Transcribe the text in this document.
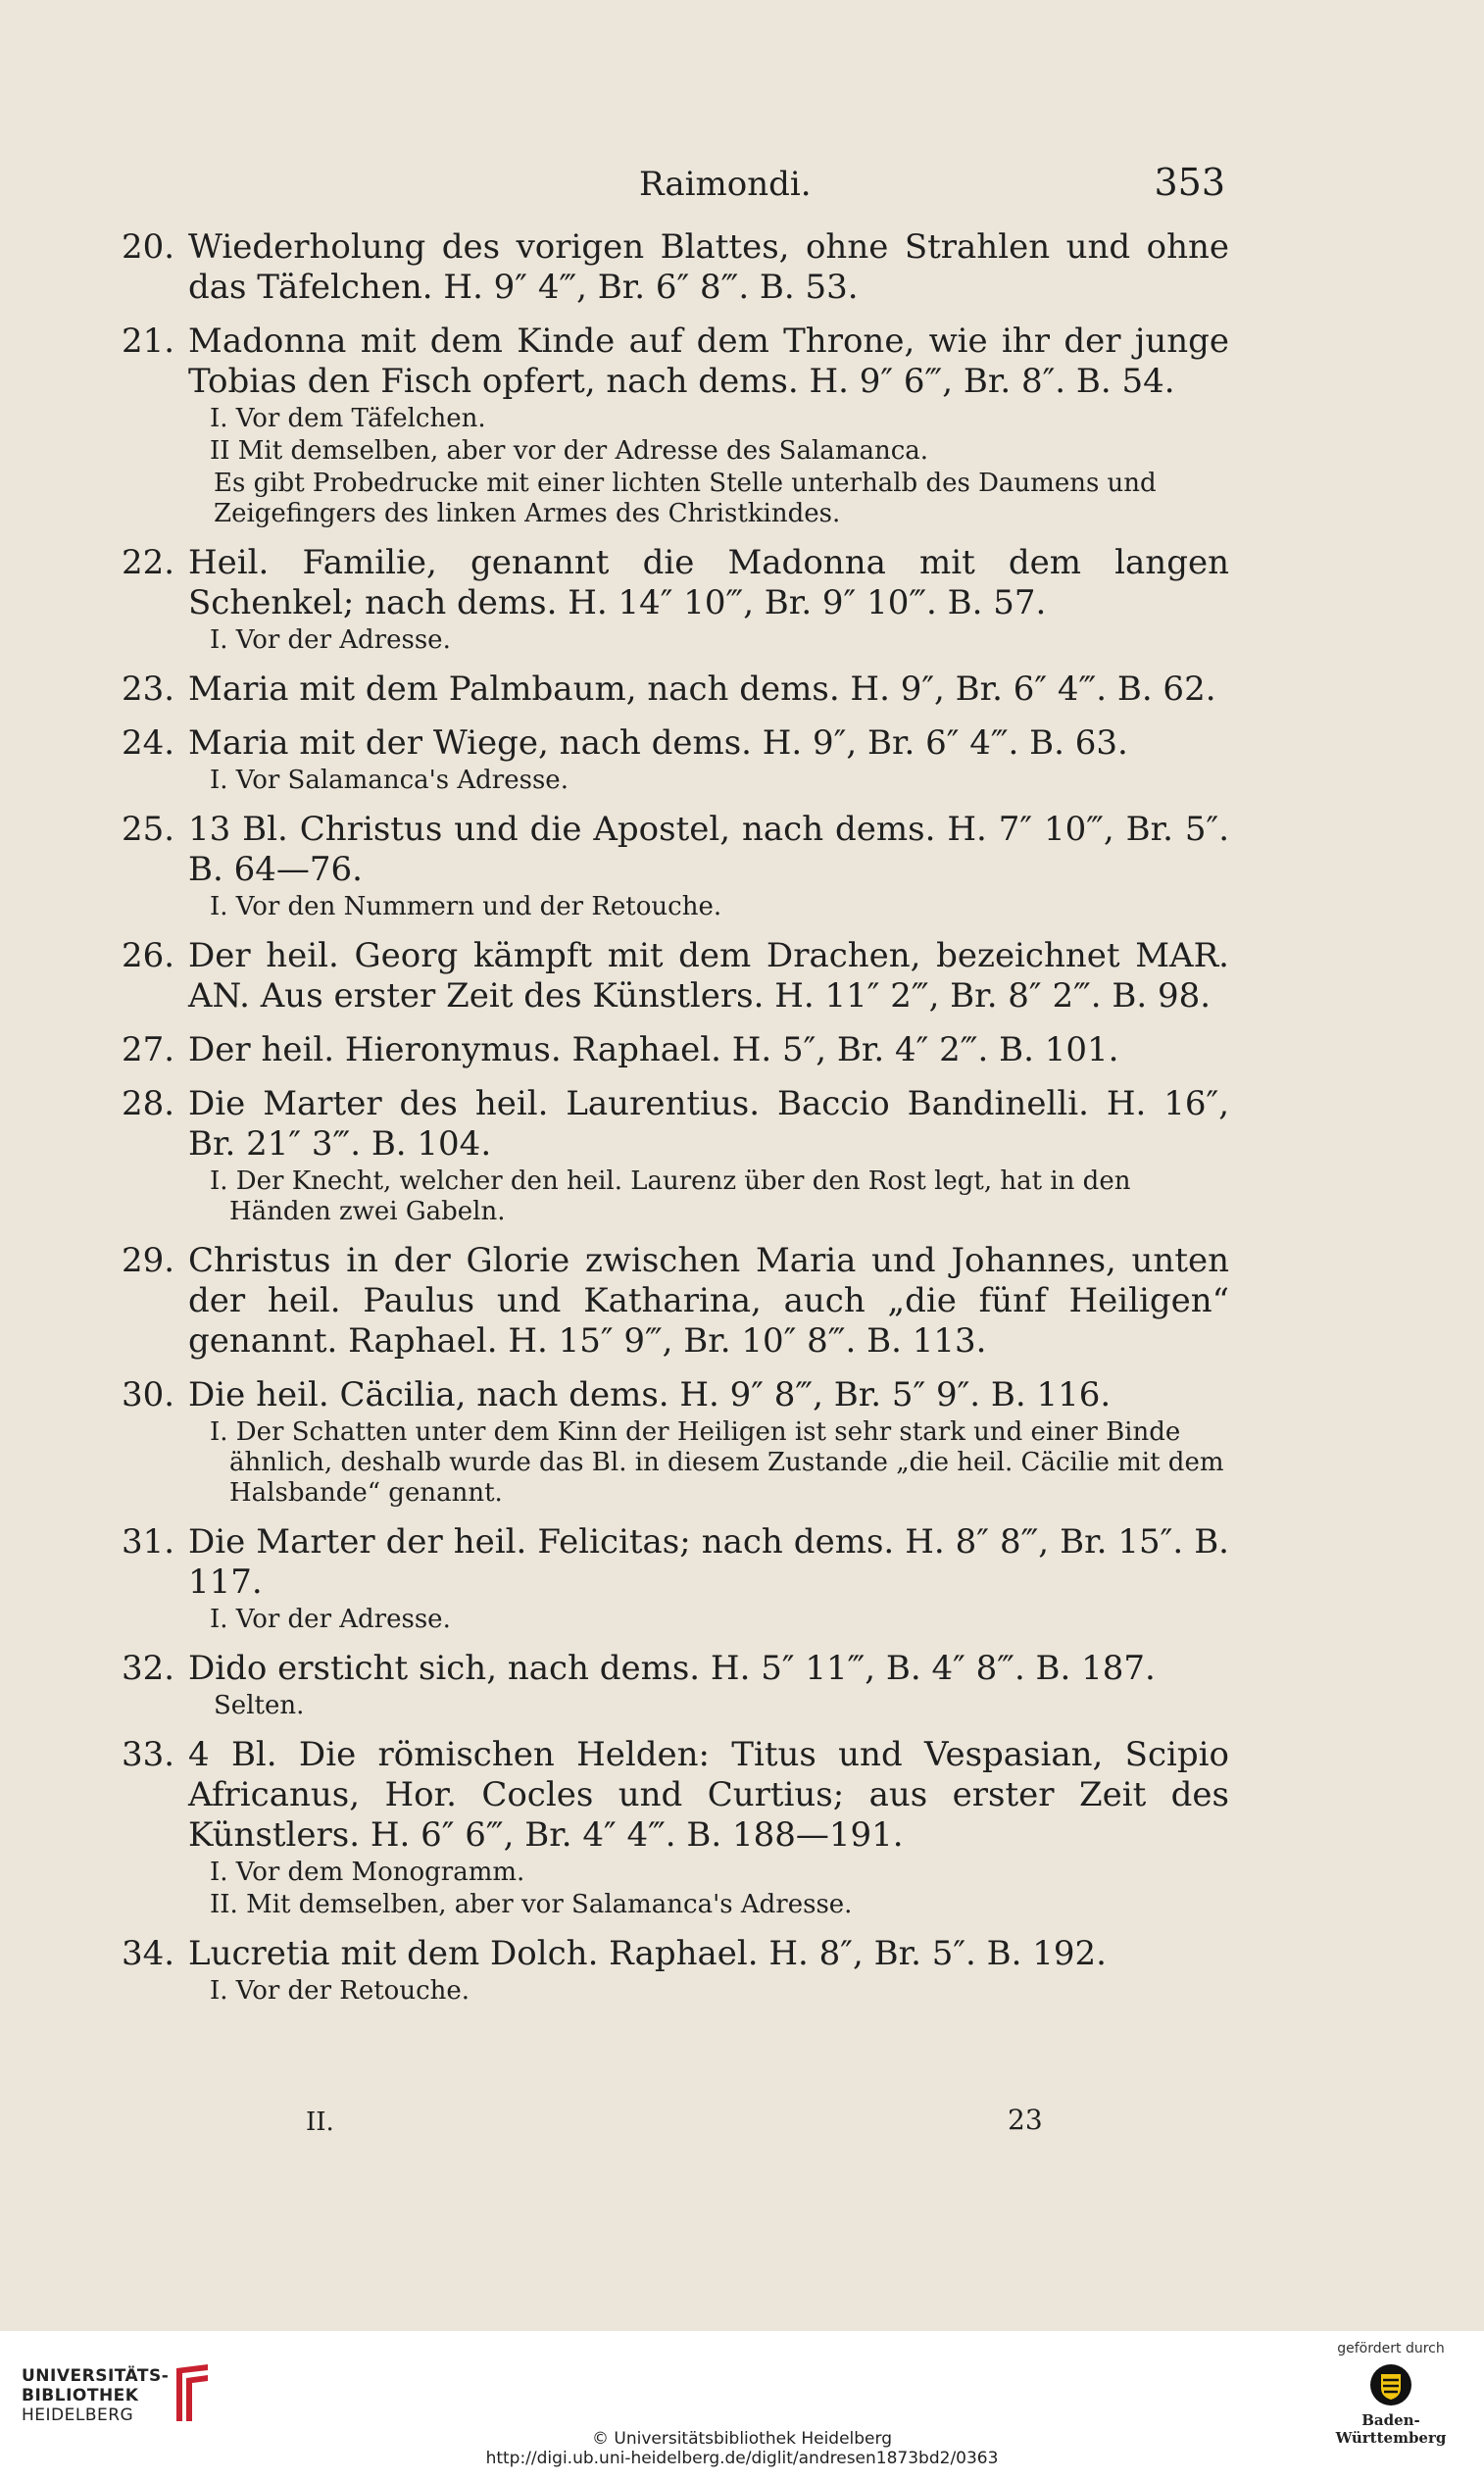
Raimondi.	353
20. Wiederholung des vorigen Blattes, ohne Strahlen und ohne das Täfelchen. H. 9″ 4‴, Br. 6″ 8‴. B. 53.
21. Madonna mit dem Kinde auf dem Throne, wie ihr der junge Tobias den Fisch opfert, nach dems. H. 9″ 6‴, Br. 8″. B. 54.
I. Vor dem Täfelchen.
II Mit demselben, aber vor der Adresse des Salamanca.
Es gibt Probedrucke mit einer lichten Stelle unterhalb des Daumens und Zeigefingers des linken Armes des Christkindes.
22. Heil. Familie, genannt die Madonna mit dem langen Schenkel; nach dems. H. 14″ 10‴, Br. 9″ 10‴. B. 57.
I. Vor der Adresse.
23. Maria mit dem Palmbaum, nach dems. H. 9″, Br. 6″ 4‴. B. 62.
24. Maria mit der Wiege, nach dems. H. 9″, Br. 6″ 4‴. B. 63.
I. Vor Salamanca's Adresse.
25. 13 Bl. Christus und die Apostel, nach dems. H. 7″ 10‴, Br. 5″. B. 64—76.
I. Vor den Nummern und der Retouche.
26. Der heil. Georg kämpft mit dem Drachen, bezeichnet MAR. AN. Aus erster Zeit des Künstlers. H. 11″ 2‴, Br. 8″ 2‴. B. 98.
27. Der heil. Hieronymus. Raphael. H. 5″, Br. 4″ 2‴. B. 101.
28. Die Marter des heil. Laurentius. Baccio Bandinelli. H. 16″, Br. 21″ 3‴. B. 104.
I. Der Knecht, welcher den heil. Laurenz über den Rost legt, hat in den Händen zwei Gabeln.
29. Christus in der Glorie zwischen Maria und Johannes, unten der heil. Paulus und Katharina, auch „die fünf Heiligen“ genannt. Raphael. H. 15″ 9‴, Br. 10″ 8‴. B. 113.
30. Die heil. Cäcilia, nach dems. H. 9″ 8‴, Br. 5″ 9″. B. 116.
I. Der Schatten unter dem Kinn der Heiligen ist sehr stark und einer Binde ähnlich, deshalb wurde das Bl. in diesem Zustande „die heil. Cäcilie mit dem Halsbande“ genannt.
31. Die Marter der heil. Felicitas; nach dems. H. 8″ 8‴, Br. 15″. B. 117.
I. Vor der Adresse.
32. Dido ersticht sich, nach dems. H. 5″ 11‴, B. 4″ 8‴. B. 187.
Selten.
33. 4 Bl. Die römischen Helden: Titus und Vespasian, Scipio Africanus, Hor. Cocles und Curtius; aus erster Zeit des Künstlers. H. 6″ 6‴, Br. 4″ 4‴. B. 188—191.
I. Vor dem Monogramm.
II. Mit demselben, aber vor Salamanca's Adresse.
34. Lucretia mit dem Dolch. Raphael. H. 8″, Br. 5″. B. 192.
I. Vor der Retouche.
II.	23
UNIVERSITÄTS-
BIBLIOTHEK
HEIDELBERG
© Universitätsbibliothek Heidelberg
http://digi.ub.uni-heidelberg.de/diglit/andresen1873bd2/0363
gefördert durch
Baden-Württemberg
